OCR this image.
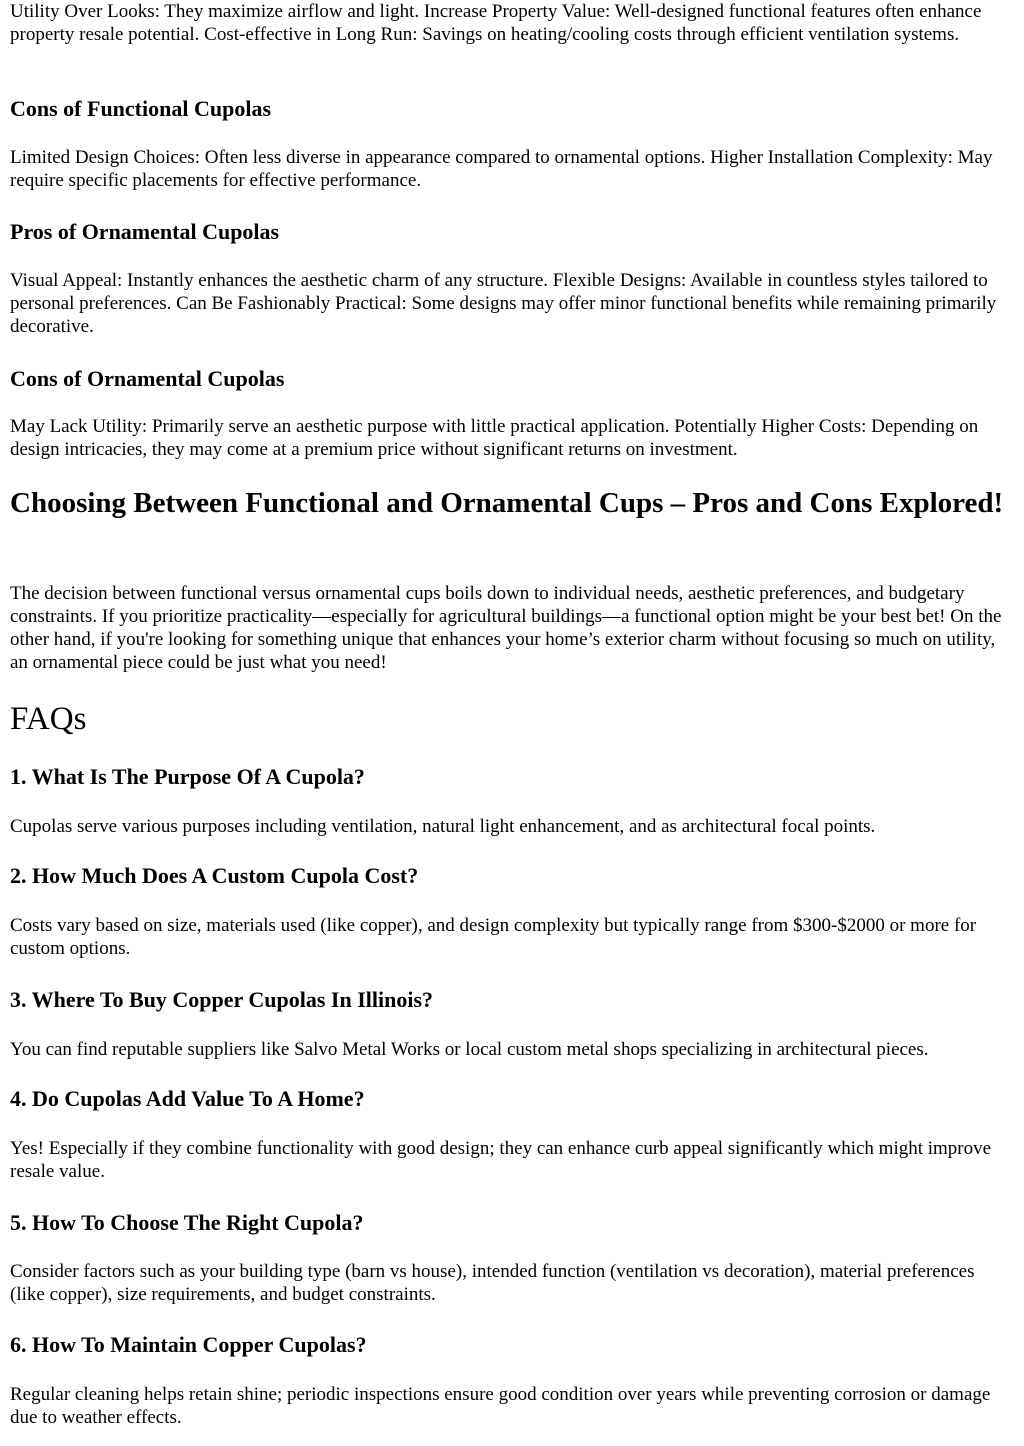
Utility Over Looks: They maximize airflow and light. Increase Property Value: Well-designed functional features often enhance property resale potential. Cost-effective in Long Run: Savings on heating/cooling costs through efficient ventilation systems.

Cons of Functional Cupolas

Limited Design Choices: Often less diverse in appearance compared to ornamental options. Higher Installation Complexity: May require specific placements for effective performance.

Pros of Ornamental Cupolas

Visual Appeal: Instantly enhances the aesthetic charm of any structure. Flexible Designs: Available in countless styles tailored to personal preferences. Can Be Fashionably Practical: Some designs may offer minor functional benefits while remaining primarily decorative.

Cons of Ornamental Cupolas

May Lack Utility: Primarily serve an aesthetic purpose with little practical application. Potentially Higher Costs: Depending on design intricacies, they may come at a premium price without significant returns on investment.

Choosing Between Functional and Ornamental Cups – Pros and Cons Explored!

The decision between functional versus ornamental cups boils down to individual needs, aesthetic preferences, and budgetary constraints. If you prioritize practicality—especially for agricultural buildings—a functional option might be your best bet! On the other hand, if you're looking for something unique that enhances your home’s exterior charm without focusing so much on utility, an ornamental piece could be just what you need!

FAQs
1. What Is The Purpose Of A Cupola?

Cupolas serve various purposes including ventilation, natural light enhancement, and as architectural focal points.

2. How Much Does A Custom Cupola Cost?

Costs vary based on size, materials used (like copper), and design complexity but typically range from $300-$2000 or more for custom options.

3. Where To Buy Copper Cupolas In Illinois?

You can find reputable suppliers like Salvo Metal Works or local custom metal shops specializing in architectural pieces.

4. Do Cupolas Add Value To A Home?

Yes! Especially if they combine functionality with good design; they can enhance curb appeal significantly which might improve resale value.

5. How To Choose The Right Cupola?

Consider factors such as your building type (barn vs house), intended function (ventilation vs decoration), material preferences (like copper), size requirements, and budget constraints.

6. How To Maintain Copper Cupolas?

Regular cleaning helps retain shine; periodic inspections ensure good condition over years while preventing corrosion or damage due to weather effects.
